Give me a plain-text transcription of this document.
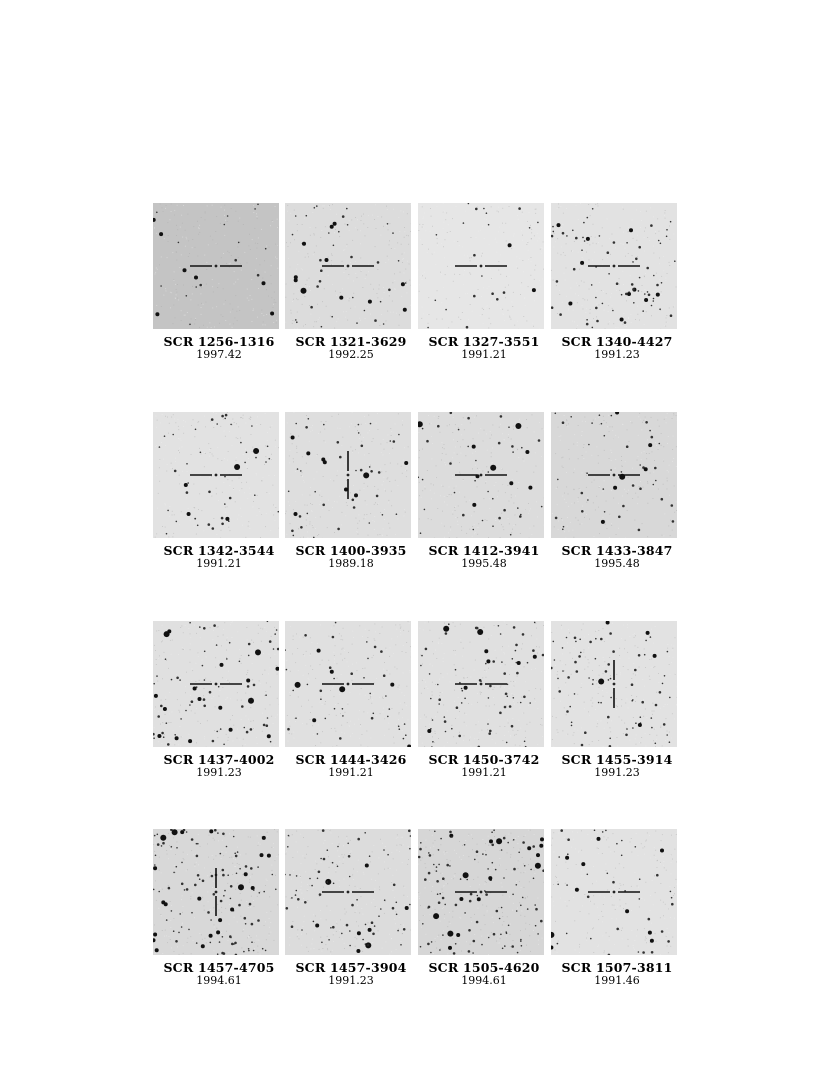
SCR 1256-1316
1997.42
SCR 1321-3629
1992.25
SCR 1327-3551
1991.21
SCR 1340-4427
1991.23
SCR 1342-3544
1991.21
SCR 1400-3935
1989.18
SCR 1412-3941
1995.48
SCR 1433-3847
1995.48
SCR 1437-4002
1991.23
SCR 1444-3426
1991.21
SCR 1450-3742
1991.21
SCR 1455-3914
1991.23
SCR 1457-4705
1994.61
SCR 1457-3904
1991.23
SCR 1505-4620
1994.61
SCR 1507-3811
1991.46
